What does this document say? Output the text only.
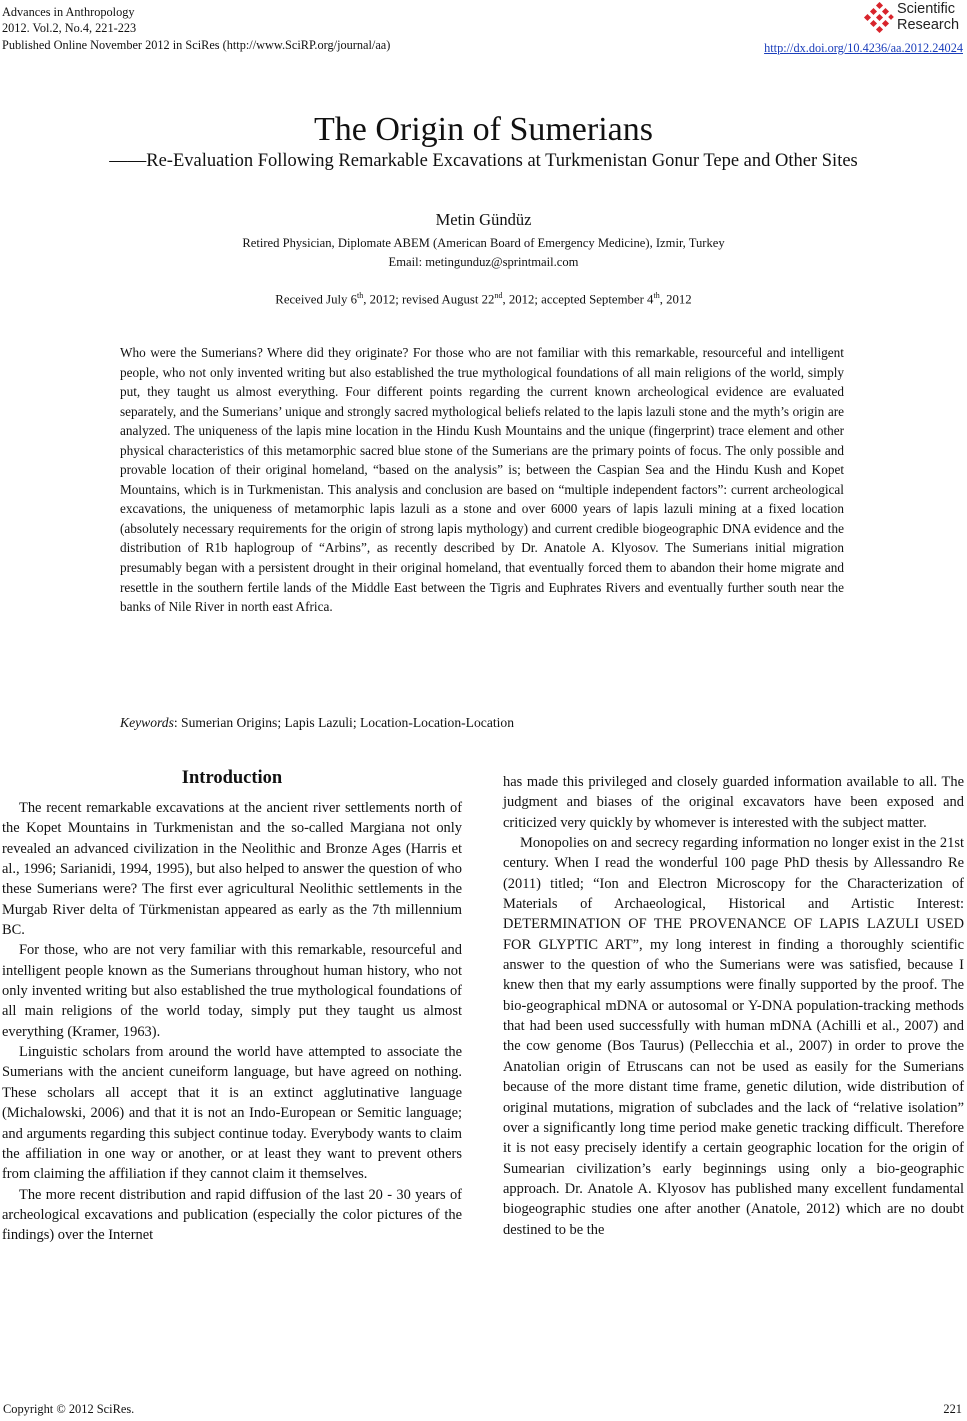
Advances in Anthropology
2012. Vol.2, No.4, 221-223
Published Online November 2012 in SciRes (http://www.SciRP.org/journal/aa)	http://dx.doi.org/10.4236/aa.2012.24024
Scientific
Research
The Origin of Sumerians
——Re-Evaluation Following Remarkable Excavations at Turkmenistan Gonur Tepe and Other Sites
Metin Gündüz
Retired Physician, Diplomate ABEM (American Board of Emergency Medicine), Izmir, Turkey
Email: metingunduz@sprintmail.com
Received July 6th, 2012; revised August 22nd, 2012; accepted September 4th, 2012
Who were the Sumerians? Where did they originate? For those who are not familiar with this remarkable, resourceful and intelligent people, who not only invented writing but also established the true mythological foundations of all main religions of the world, simply put, they taught us almost everything. Four different points regarding the current known archeological evidence are evaluated separately, and the Sumerians’ unique and strongly sacred mythological beliefs related to the lapis lazuli stone and the myth’s origin are analyzed. The uniqueness of the lapis mine location in the Hindu Kush Mountains and the unique (fingerprint) trace element and other physical characteristics of this metamorphic sacred blue stone of the Sumerians are the primary points of focus. The only possible and provable location of their original homeland, “based on the analysis” is; between the Caspian Sea and the Hindu Kush and Kopet Mountains, which is in Turkmenistan. This analysis and conclusion are based on “multiple independent factors”: current archeological excavations, the uniqueness of metamorphic lapis lazuli as a stone and over 6000 years of lapis lazuli mining at a fixed location (absolutely necessary requirements for the origin of strong lapis mythology) and current credible biogeographic DNA evidence and the distribution of R1b haplogroup of “Arbins”, as recently described by Dr. Anatole A. Klyosov. The Sumerians initial migration presumably began with a persistent drought in their original homeland, that eventually forced them to abandon their home migrate and resettle in the southern fertile lands of the Middle East between the Tigris and Euphrates Rivers and eventually further south near the banks of Nile River in north east Africa.
Keywords: Sumerian Origins; Lapis Lazuli; Location-Location-Location
Introduction

The recent remarkable excavations at the ancient river settlements north of the Kopet Mountains in Turkmenistan and the so-called Margiana not only revealed an advanced civilization in the Neolithic and Bronze Ages (Harris et al., 1996; Sarianidi, 1994, 1995), but also helped to answer the question of who these Sumerians were? The first ever agricultural Neolithic settlements in the Murgab River delta of Türkmenistan appeared as early as the 7th millennium BC.

For those, who are not very familiar with this remarkable, resourceful and intelligent people known as the Sumerians throughout human history, who not only invented writing but also established the true mythological foundations of all main religions of the world today, simply put they taught us almost everything (Kramer, 1963).

Linguistic scholars from around the world have attempted to associate the Sumerians with the ancient cuneiform language, but have agreed on nothing. These scholars all accept that it is an extinct agglutinative language (Michalowski, 2006) and that it is not an Indo-European or Semitic language; and arguments regarding this subject continue today. Everybody wants to claim the affiliation in one way or another, or at least they want to prevent others from claiming the affiliation if they cannot claim it themselves.

The more recent distribution and rapid diffusion of the last 20 - 30 years of archeological excavations and publication (especially the color pictures of the findings) over the Internet

has made this privileged and closely guarded information available to all. The judgment and biases of the original excavators have been exposed and criticized very quickly by whomever is interested with the subject matter.

Monopolies on and secrecy regarding information no longer exist in the 21st century. When I read the wonderful 100 page PhD thesis by Allessandro Re (2011) titled; “Ion and Electron Microscopy for the Characterization of Materials of Archaeological, Historical and Artistic Interest: DETERMINATION OF THE PROVENANCE OF LAPIS LAZULI USED FOR GLYPTIC ART”, my long interest in finding a thoroughly scientific answer to the question of who the Sumerians were was satisfied, because I knew then that my early assumptions were finally supported by the proof. The bio-geographical mDNA or autosomal or Y-DNA population-tracking methods that had been used successfully with human mDNA (Achilli et al., 2007) and the cow genome (Bos Taurus) (Pellecchia et al., 2007) in order to prove the Anatolian origin of Etruscans can not be used as easily for the Sumerians because of the more distant time frame, genetic dilution, wide distribution of original mutations, migration of subclades and the lack of “relative isolation” over a significantly long time period make genetic tracking difficult. Therefore it is not easy precisely identify a certain geographic location for the origin of Sumearian civilization’s early beginnings using only a bio-geographic approach. Dr. Anatole A. Klyosov has published many excellent fundamental biogeographic studies one after another (Anatole, 2012) which are no doubt destined to be the

Copyright © 2012 SciRes.	221
